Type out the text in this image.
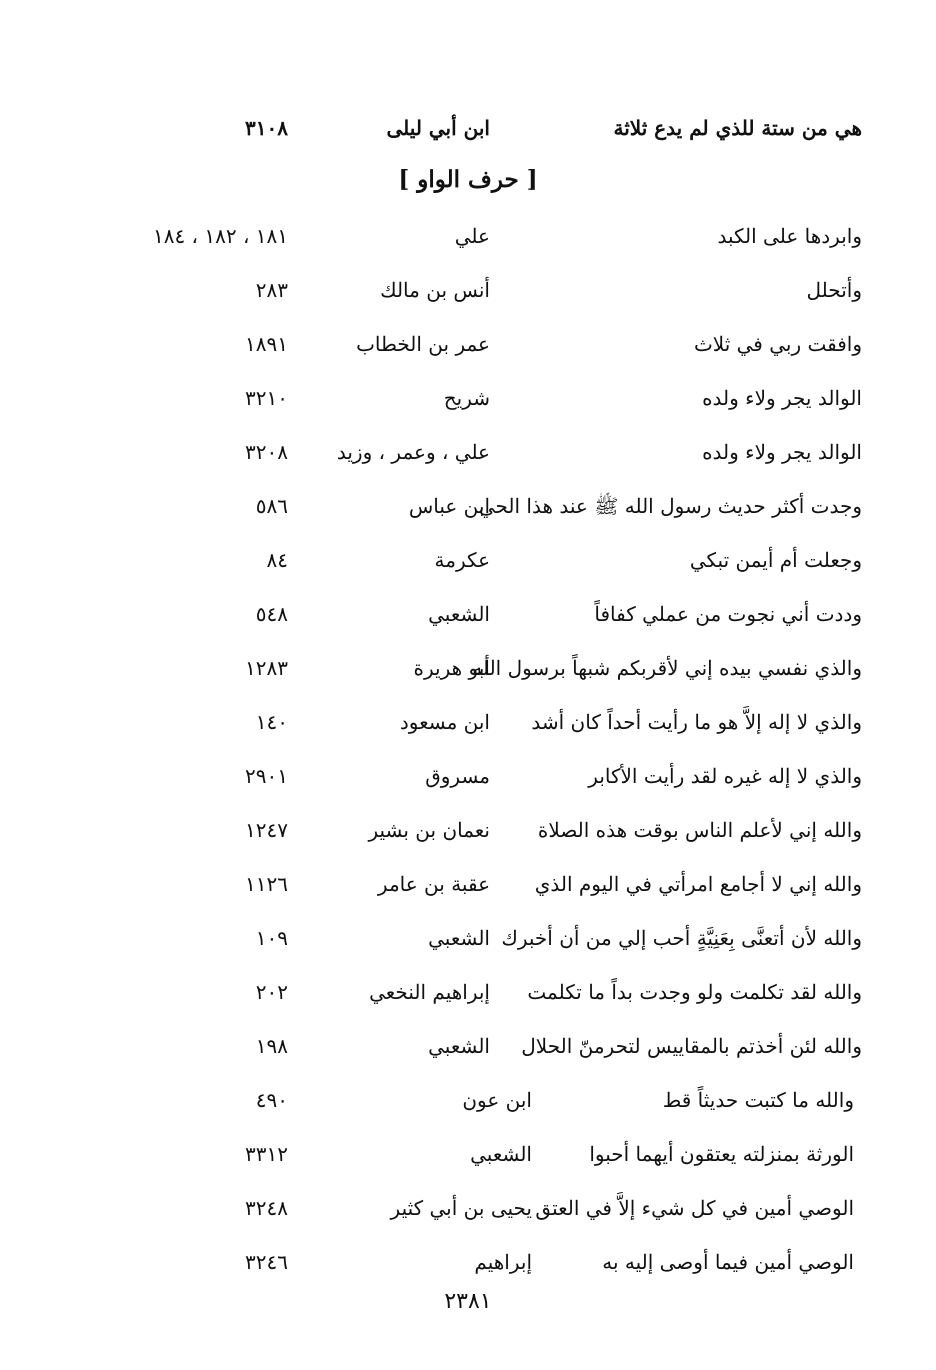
هي من ستة للذي لم يدع ثلاثة
ابن أبي ليلى
٣١٠٨
[ حرف الواو ]
وابردها على الكبد
علي
١٨١ ، ١٨٢ ، ١٨٤
وأتحلل
أنس بن مالك
٢٨٣
وافقت ربي في ثلاث
عمر بن الخطاب
١٨٩١
الوالد يجر ولاء ولده
شريح
٣٢١٠
الوالد يجر ولاء ولده
علي ، وعمر ، وزيد
٣٢٠٨
وجدت أكثر حديث رسول الله ﷺ عند هذا الحي
ابن عباس
٥٨٦
وجعلت أم أيمن تبكي
عكرمة
٨٤
وددت أني نجوت من عملي كفافاً
الشعبي
٥٤٨
والذي نفسي بيده إني لأقربكم شبهاً برسول الله
أبو هريرة
١٢٨٣
والذي لا إله إلاَّ هو ما رأيت أحداً كان أشد
ابن مسعود
١٤٠
والذي لا إله غيره لقد رأيت الأكابر
مسروق
٢٩٠١
والله إني لأعلم الناس بوقت هذه الصلاة
نعمان بن بشير
١٢٤٧
والله إني لا أجامع امرأتي في اليوم الذي
عقبة بن عامر
١١٢٦
والله لأن أتعنَّى بِعَنِيَّةٍ أحب إلي من أن أخبرك
الشعبي
١٠٩
والله لقد تكلمت ولو وجدت بداً ما تكلمت
إبراهيم النخعي
٢٠٢
والله لئن أخذتم بالمقاييس لتحرمنّ الحلال
الشعبي
١٩٨
والله ما كتبت حديثاً قط
ابن عون
٤٩٠
الورثة بمنزلته يعتقون أيهما أحبوا
الشعبي
٣٣١٢
الوصي أمين في كل شيء إلاَّ في العتق
يحيى بن أبي كثير
٣٢٤٨
الوصي أمين فيما أوصى إليه به
إبراهيم
٣٢٤٦
٢٣٨١
